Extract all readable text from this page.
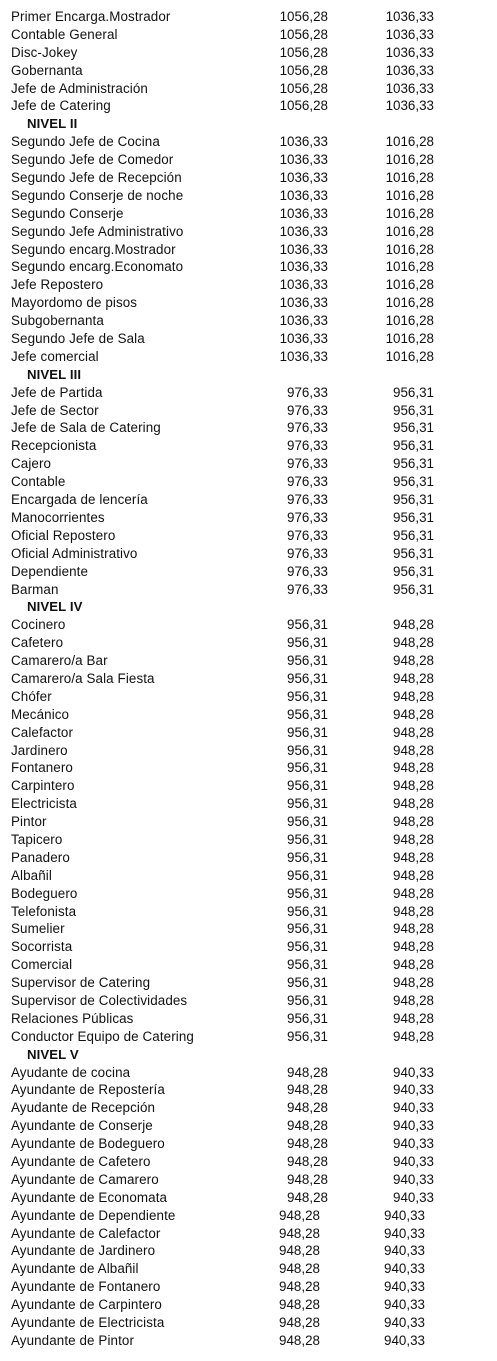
Primer Encarga.Mostrador	1056,28	1036,33
Contable General	1056,28	1036,33
Disc-Jokey	1056,28	1036,33
Gobernanta	1056,28	1036,33
Jefe de Administración	1056,28	1036,33
Jefe de Catering	1056,28	1036,33
NIVEL II
Segundo Jefe de Cocina	1036,33	1016,28
Segundo Jefe de Comedor	1036,33	1016,28
Segundo Jefe de Recepción	1036,33	1016,28
Segundo Conserje de noche	1036,33	1016,28
Segundo Conserje	1036,33	1016,28
Segundo Jefe Administrativo	1036,33	1016,28
Segundo encarg.Mostrador	1036,33	1016,28
Segundo encarg.Economato	1036,33	1016,28
Jefe Repostero	1036,33	1016,28
Mayordomo de pisos	1036,33	1016,28
Subgobernanta	1036,33	1016,28
Segundo Jefe de Sala	1036,33	1016,28
Jefe comercial	1036,33	1016,28
NIVEL III
Jefe de Partida	976,33	956,31
Jefe de Sector	976,33	956,31
Jefe de Sala de Catering	976,33	956,31
Recepcionista	976,33	956,31
Cajero	976,33	956,31
Contable	976,33	956,31
Encargada de lencería	976,33	956,31
Manocorrientes	976,33	956,31
Oficial Repostero	976,33	956,31
Oficial Administrativo	976,33	956,31
Dependiente	976,33	956,31
Barman	976,33	956,31
NIVEL IV
Cocinero	956,31	948,28
Cafetero	956,31	948,28
Camarero/a Bar	956,31	948,28
Camarero/a Sala Fiesta	956,31	948,28
Chófer	956,31	948,28
Mecánico	956,31	948,28
Calefactor	956,31	948,28
Jardinero	956,31	948,28
Fontanero	956,31	948,28
Carpintero	956,31	948,28
Electricista	956,31	948,28
Pintor	956,31	948,28
Tapicero	956,31	948,28
Panadero	956,31	948,28
Albañil	956,31	948,28
Bodeguero	956,31	948,28
Telefonista	956,31	948,28
Sumelier	956,31	948,28
Socorrista	956,31	948,28
Comercial	956,31	948,28
Supervisor de Catering	956,31	948,28
Supervisor de Colectividades	956,31	948,28
Relaciones Públicas	956,31	948,28
Conductor Equipo de Catering	956,31	948,28
NIVEL V
Ayudante de cocina	948,28	940,33
Ayundante de Repostería	948,28	940,33
Ayudante de Recepción	948,28	940,33
Ayundante de Conserje	948,28	940,33
Ayundante de Bodeguero	948,28	940,33
Ayundante de Cafetero	948,28	940,33
Ayundante de Camarero	948,28	940,33
Ayundante de Economata	948,28	940,33
Ayundante de Dependiente	948,28	940,33
Ayundante de Calefactor	948,28	940,33
Ayundante de Jardinero	948,28	940,33
Ayundante de Albañil	948,28	940,33
Ayundante de Fontanero	948,28	940,33
Ayundante de Carpintero	948,28	940,33
Ayundante de Electricista	948,28	940,33
Ayundante de Pintor	948,28	940,33
